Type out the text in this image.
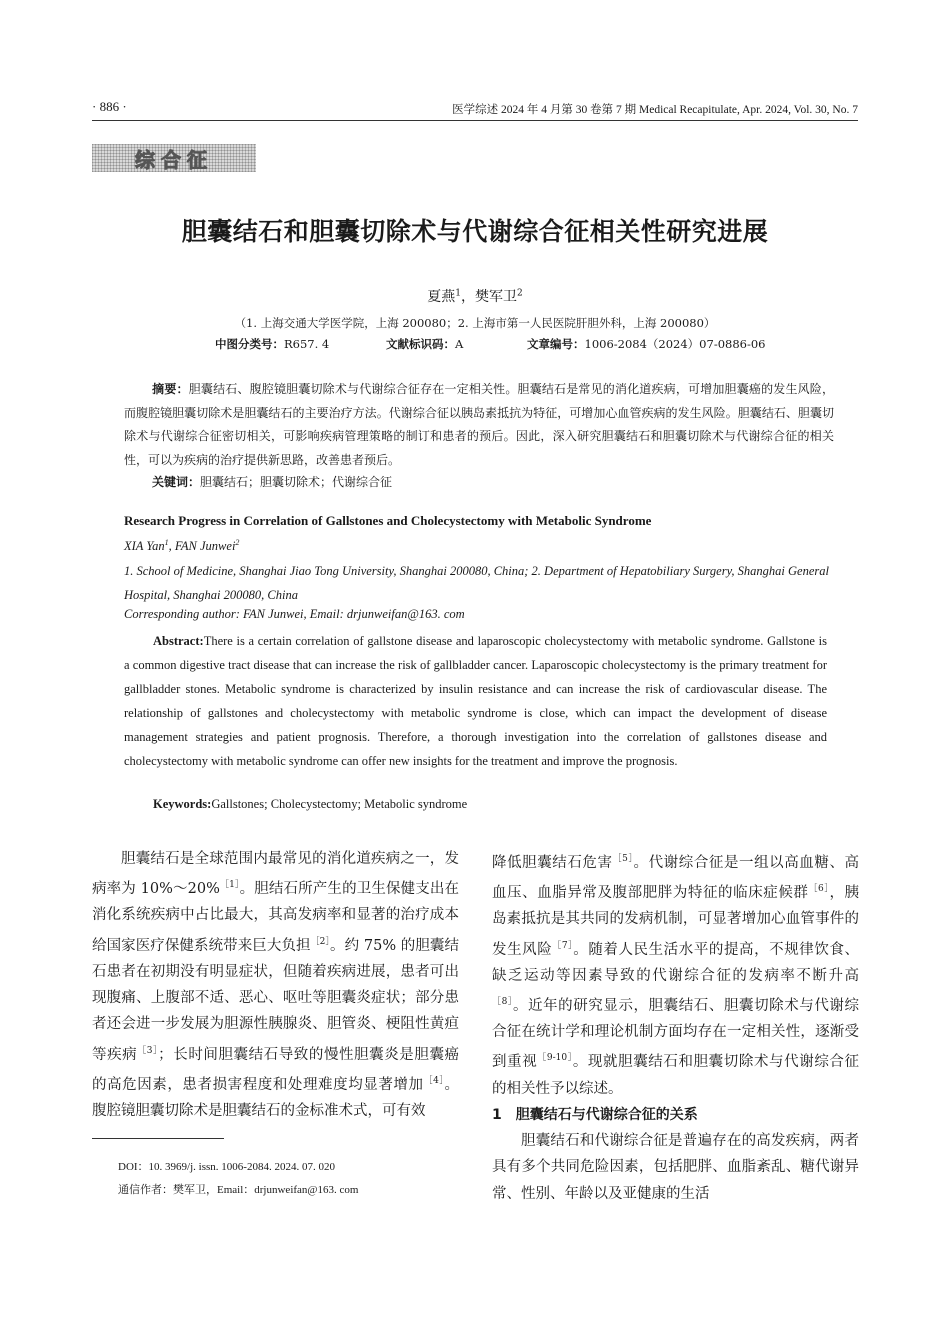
· 886 ·	医学综述 2024 年 4 月第 30 卷第 7 期 Medical Recapitulate, Apr. 2024, Vol. 30, No. 7
综合征
胆囊结石和胆囊切除术与代谢综合征相关性研究进展
夏燕$^1$，樊军卫$^2$
（1. 上海交通大学医学院，上海 200080；2. 上海市第一人民医院肝胆外科，上海 200080）
中图分类号：R657. 4	文献标识码：A	文章编号：1006-2084（2024）07-0886-06
摘要：胆囊结石、腹腔镜胆囊切除术与代谢综合征存在一定相关性。胆囊结石是常见的消化道疾病，可增加胆囊癌的发生风险，而腹腔镜胆囊切除术是胆囊结石的主要治疗方法。代谢综合征以胰岛素抵抗为特征，可增加心血管疾病的发生风险。胆囊结石、胆囊切除术与代谢综合征密切相关，可影响疾病管理策略的制订和患者的预后。因此，深入研究胆囊结石和胆囊切除术与代谢综合征的相关性，可以为疾病的治疗提供新思路，改善患者预后。
关键词：胆囊结石；胆囊切除术；代谢综合征
Research Progress in Correlation of Gallstones and Cholecystectomy with Metabolic Syndrome
XIA Yan$^1$, FAN Junwei$^2$
1. School of Medicine, Shanghai Jiao Tong University, Shanghai 200080, China; 2. Department of Hepatobiliary Surgery, Shanghai General Hospital, Shanghai 200080, China
Corresponding author: FAN Junwei, Email: drjunweifan@163. com
Abstract:There is a certain correlation of gallstone disease and laparoscopic cholecystectomy with metabolic syndrome. Gallstone is a common digestive tract disease that can increase the risk of gallbladder cancer. Laparoscopic cholecystectomy is the primary treatment for gallbladder stones. Metabolic syndrome is characterized by insulin resistance and can increase the risk of cardiovascular disease. The relationship of gallstones and cholecystectomy with metabolic syndrome is close, which can impact the development of disease management strategies and patient prognosis. Therefore, a thorough investigation into the correlation of gallstones disease and cholecystectomy with metabolic syndrome can offer new insights for the treatment and improve the prognosis.
Keywords:Gallstones; Cholecystectomy; Metabolic syndrome
胆囊结石是全球范围内最常见的消化道疾病之一，发病率为 10%～20%$^{[1]}$。胆结石所产生的卫生保健支出在消化系统疾病中占比最大，其高发病率和显著的治疗成本给国家医疗保健系统带来巨大负担$^{[2]}$。约 75% 的胆囊结石患者在初期没有明显症状，但随着疾病进展，患者可出现腹痛、上腹部不适、恶心、呕吐等胆囊炎症状；部分患者还会进一步发展为胆源性胰腺炎、胆管炎、梗阻性黄疸等疾病$^{[3]}$；长时间胆囊结石导致的慢性胆囊炎是胆囊癌的高危因素，患者损害程度和处理难度均显著增加$^{[4]}$。腹腔镜胆囊切除术是胆囊结石的金标准术式，可有效
降低胆囊结石危害$^{[5]}$。代谢综合征是一组以高血糖、高血压、血脂异常及腹部肥胖为特征的临床症候群$^{[6]}$，胰岛素抵抗是其共同的发病机制，可显著增加心血管事件的发生风险$^{[7]}$。随着人民生活水平的提高，不规律饮食、缺乏运动等因素导致的代谢综合征的发病率不断升高$^{[8]}$。近年的研究显示，胆囊结石、胆囊切除术与代谢综合征在统计学和理论机制方面均存在一定相关性，逐渐受到重视$^{[9-10]}$。现就胆囊结石和胆囊切除术与代谢综合征的相关性予以综述。
1　胆囊结石与代谢综合征的关系
胆囊结石和代谢综合征是普遍存在的高发疾病，两者具有多个共同危险因素，包括肥胖、血脂紊乱、糖代谢异常、性别、年龄以及亚健康的生活
DOI：10. 3969/j. issn. 1006-2084. 2024. 07. 020
通信作者：樊军卫，Email：drjunweifan@163. com
